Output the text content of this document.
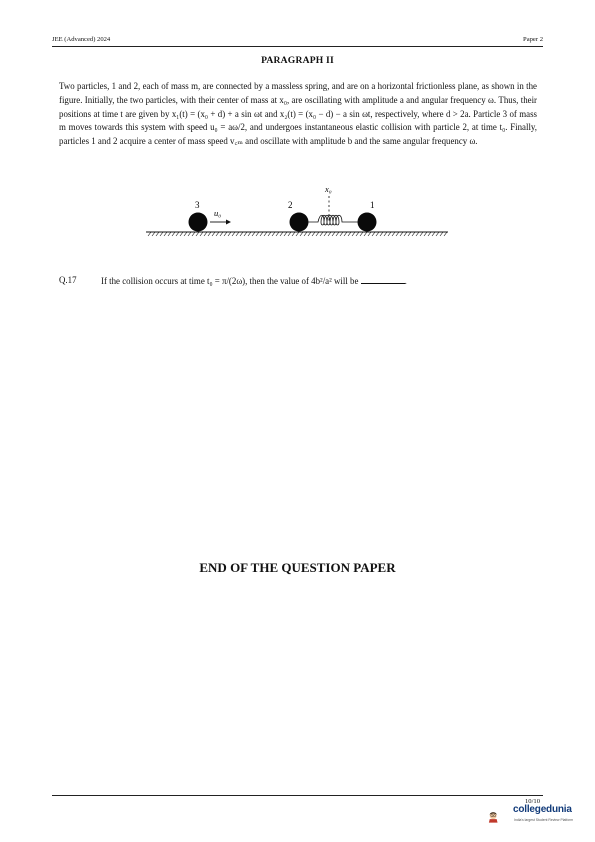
JEE (Advanced) 2024	Paper 2
PARAGRAPH II
Two particles, 1 and 2, each of mass m, are connected by a massless spring, and are on a horizontal frictionless plane, as shown in the figure. Initially, the two particles, with their center of mass at x₀, are oscillating with amplitude a and angular frequency ω. Thus, their positions at time t are given by x₁(t) = (x₀ + d) + a sin ωt and x₂(t) = (x₀ − d) − a sin ωt, respectively, where d > 2a. Particle 3 of mass m moves towards this system with speed u₀ = aω/2, and undergoes instantaneous elastic collision with particle 2, at time t₀. Finally, particles 1 and 2 acquire a center of mass speed v꜀ₘ and oscillate with amplitude b and the same angular frequency ω.
3
u₀
2
x₀
1
Q.17	If the collision occurs at time t₀ = π/(2ω), then the value of 4b²/a² will be	.
END OF THE QUESTION PAPER
10/10
collegedunia
India's largest Student Review Platform
